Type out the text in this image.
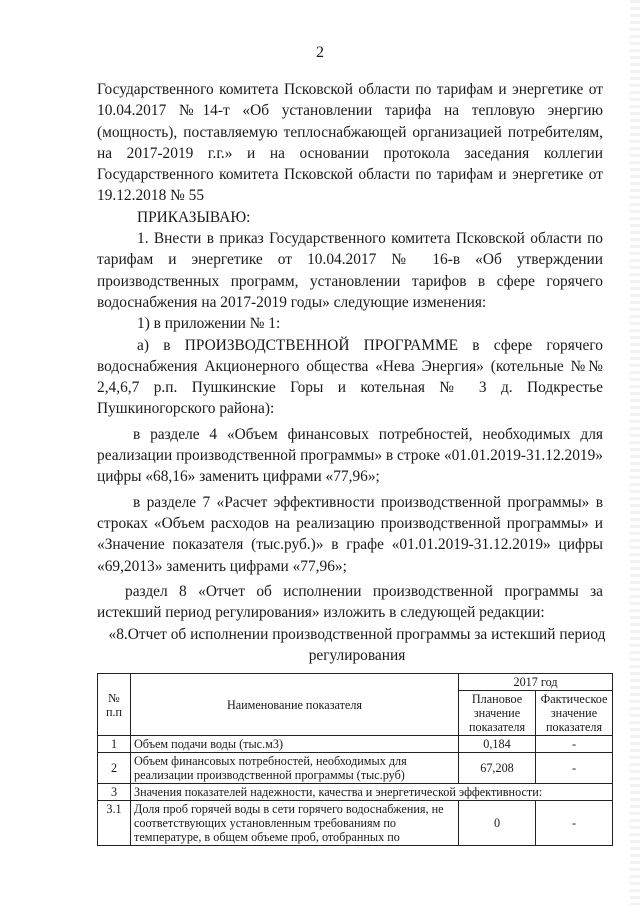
2
Государственного комитета Псковской области по тарифам и энергетике от
10.04.2017 №14-т «Об установлении тарифа на тепловую энергию
(мощность), поставляемую теплоснабжающей организацией потребителям,
на 2017-2019 г.г.» и на основании протокола заседания коллегии
Государственного комитета Псковской области по тарифам и энергетике от
19.12.2018 № 55
ПРИКАЗЫВАЮ:
1. Внести в приказ Государственного комитета Псковской области по
тарифам и энергетике от 10.04.2017 № 16-в «Об утверждении
производственных программ, установлении тарифов в сфере горячего
водоснабжения на 2017-2019 годы» следующие изменения:
1) в приложении № 1:
а) в ПРОИЗВОДСТВЕННОЙ ПРОГРАММЕ в сфере горячего
водоснабжения Акционерного общества «Нева Энергия» (котельные №№
2,4,6,7 р.п. Пушкинские Горы и котельная № 3 д. Подкрестье
Пушкиногорского района):
в разделе 4 «Объем финансовых потребностей, необходимых для
реализации производственной программы» в строке «01.01.2019-31.12.2019»
цифры «68,16» заменить цифрами «77,96»;
в разделе 7 «Расчет эффективности производственной программы» в
строках «Объем расходов на реализацию производственной программы» и
«Значение показателя (тыс.руб.)» в графе «01.01.2019-31.12.2019» цифры
«69,2013» заменить цифрами «77,96»;
раздел 8 «Отчет об исполнении производственной программы за
истекший период регулирования» изложить в следующей редакции:
«8.Отчет об исполнении производственной программы за истекший период
регулирования
№ п.п	Наименование показателя	2017 год	
		Плановое значение показателя	Фактическое значение показателя
1	Объем подачи воды (тыс.м3)	0,184	-
2	Объем финансовых потребностей, необходимых для реализации производственной программы (тыс.руб)	67,208	-
3	Значения показателей надежности, качества и энергетической эффективности:		
3.1	Доля проб горячей воды в сети горячего водоснабжения, не соответствующих установленным требованиям по температуре, в общем объеме проб, отобранных по	0	-
